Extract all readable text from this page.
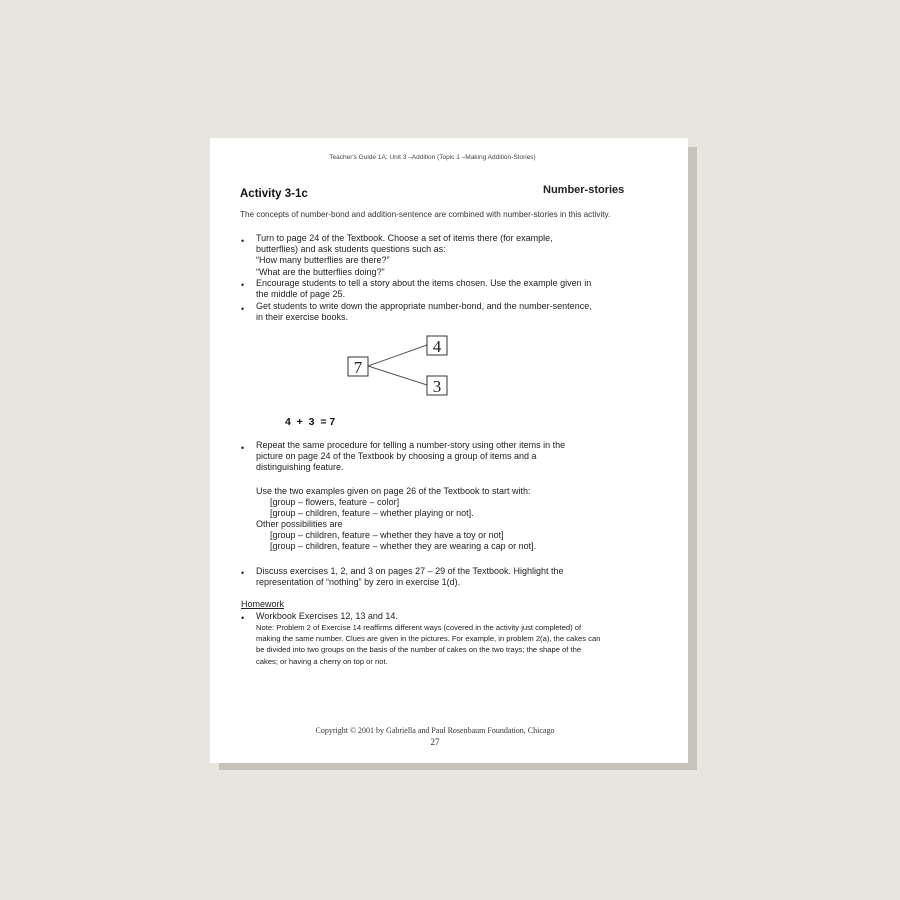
Teacher's Guide 1A: Unit 3 –Addition (Topic 1 –Making Addition-Stories)
Activity 3-1c	Number-stories
The concepts of number-bond and addition-sentence are combined with number-stories in this activity.
• Turn to page 24 of the Textbook. Choose a set of items there (for example,
butterflies) and ask students questions such as:
“How many butterflies are there?”
“What are the butterflies doing?”
• Encourage students to tell a story about the items chosen. Use the example given in
the middle of page 25.
• Get students to write down the appropriate number-bond, and the number-sentence,
in their exercise books.
7
4
3
4  +  3  = 7
• Repeat the same procedure for telling a number-story using other items in the
picture on page 24 of the Textbook by choosing a group of items and a
distinguishing feature.
Use the two examples given on page 26 of the Textbook to start with:
[group – flowers, feature – color]
[group – children, feature – whether playing or not].
Other possibilities are
[group – children, feature – whether they have a toy or not]
[group – children, feature – whether they are wearing a cap or not].
• Discuss exercises 1, 2, and 3 on pages 27 – 29 of the Textbook. Highlight the
representation of “nothing” by zero in exercise 1(d).
Homework
• Workbook Exercises 12, 13 and 14.
Note: Problem 2 of Exercise 14 reaffirms different ways (covered in the activity just completed) of
making the same number. Clues are given in the pictures. For example, in problem 2(a), the cakes can
be divided into two groups on the basis of the number of cakes on the two trays; the shape of the
cakes; or having a cherry on top or not.
Copyright © 2001 by Gabriella and Paul Rosenbaum Foundation, Chicago
27
